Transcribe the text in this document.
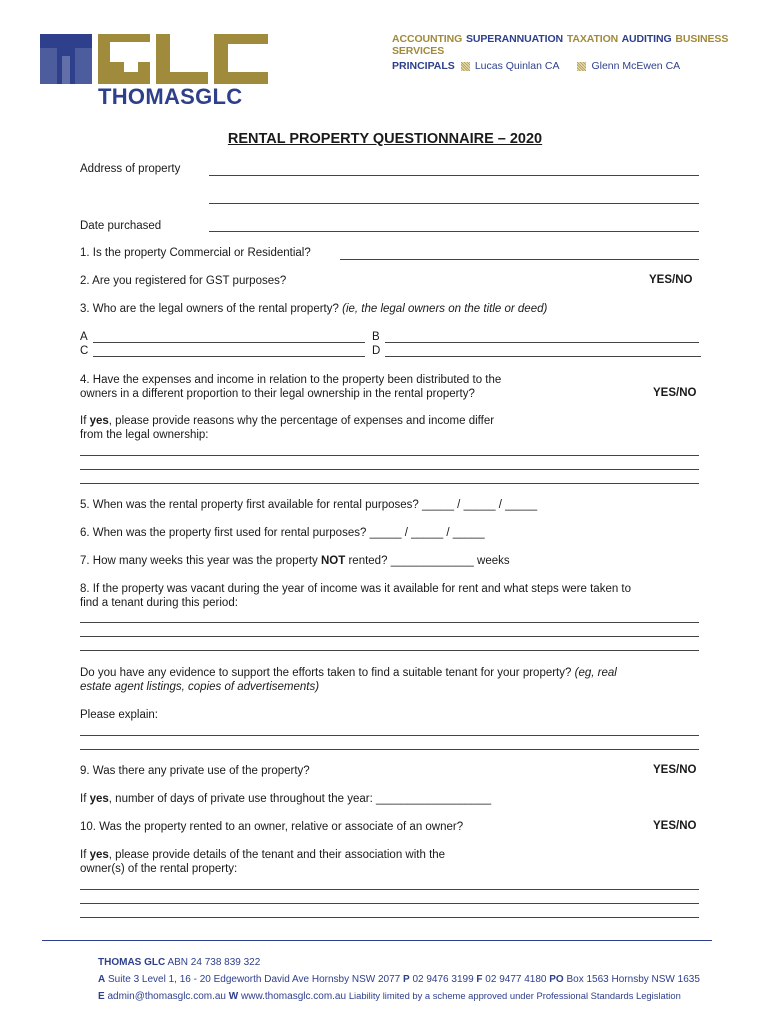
THOMASGLC
ACCOUNTING SUPERANNUATION TAXATION AUDITING BUSINESS SERVICES
PRINCIPALS Lucas Quinlan CA	Glenn McEwen CA
RENTAL PROPERTY QUESTIONNAIRE – 2020
Address of property
Date purchased
1. Is the property Commercial or Residential?
2. Are you registered for GST purposes?	YES/NO
3. Who are the legal owners of the rental property? (ie, the legal owners on the title or deed)
A	B
C	D
4. Have the expenses and income in relation to the property been distributed to the
owners in a different proportion to their legal ownership in the rental property?	YES/NO
If yes, please provide reasons why the percentage of expenses and income differ
from the legal ownership:
5. When was the rental property first available for rental purposes? _____ / _____ / _____
6. When was the property first used for rental purposes? _____ / _____ / _____
7. How many weeks this year was the property NOT rented? _____________ weeks
8. If the property was vacant during the year of income was it available for rent and what steps were taken to
find a tenant during this period:
Do you have any evidence to support the efforts taken to find a suitable tenant for your property? (eg, real
estate agent listings, copies of advertisements)
Please explain:
9. Was there any private use of the property?	YES/NO
If yes, number of days of private use throughout the year: __________________
10. Was the property rented to an owner, relative or associate of an owner?	YES/NO
If yes, please provide details of the tenant and their association with the
owner(s) of the rental property:
THOMAS GLC ABN 24 738 839 322
A Suite 3 Level 1, 16 - 20 Edgeworth David Ave Hornsby NSW 2077 P 02 9476 3199 F 02 9477 4180 PO Box 1563 Hornsby NSW 1635
E admin@thomasglc.com.au W www.thomasglc.com.au Liability limited by a scheme approved under Professional Standards Legislation
